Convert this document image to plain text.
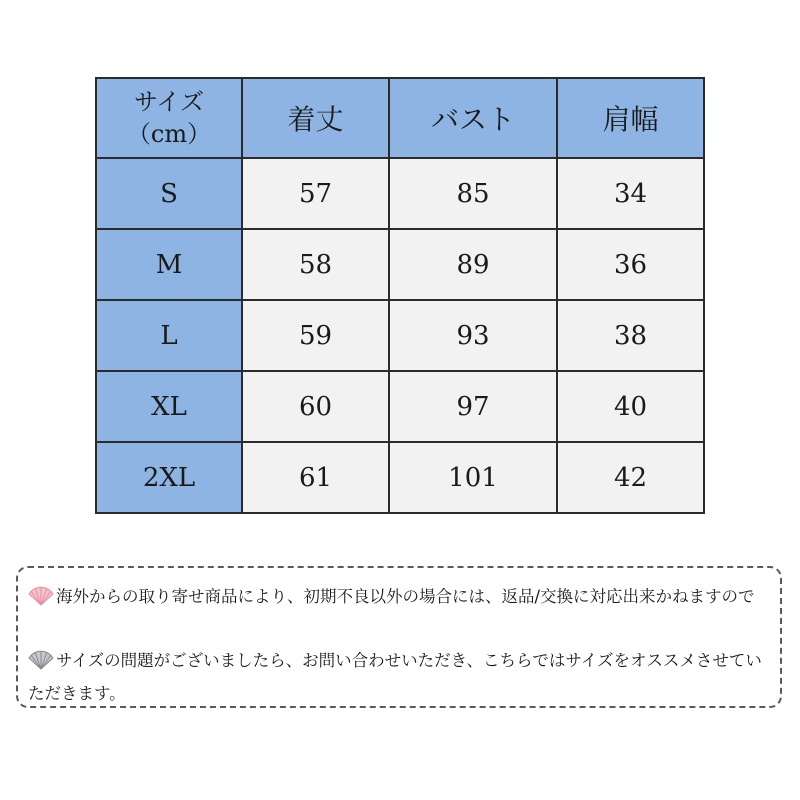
サイズ
（cm）	着丈	バスト	肩幅
S	57	85	34
M	58	89	36
L	59	93	38
XL	60	97	40
2XL	61	101	42
海外からの取り寄せ商品により、初期不良以外の場合には、返品/交換に対応出来かねますので
サイズの問題がございましたら、お問い合わせいただき、こちらではサイズをオススメさせていただきます。
